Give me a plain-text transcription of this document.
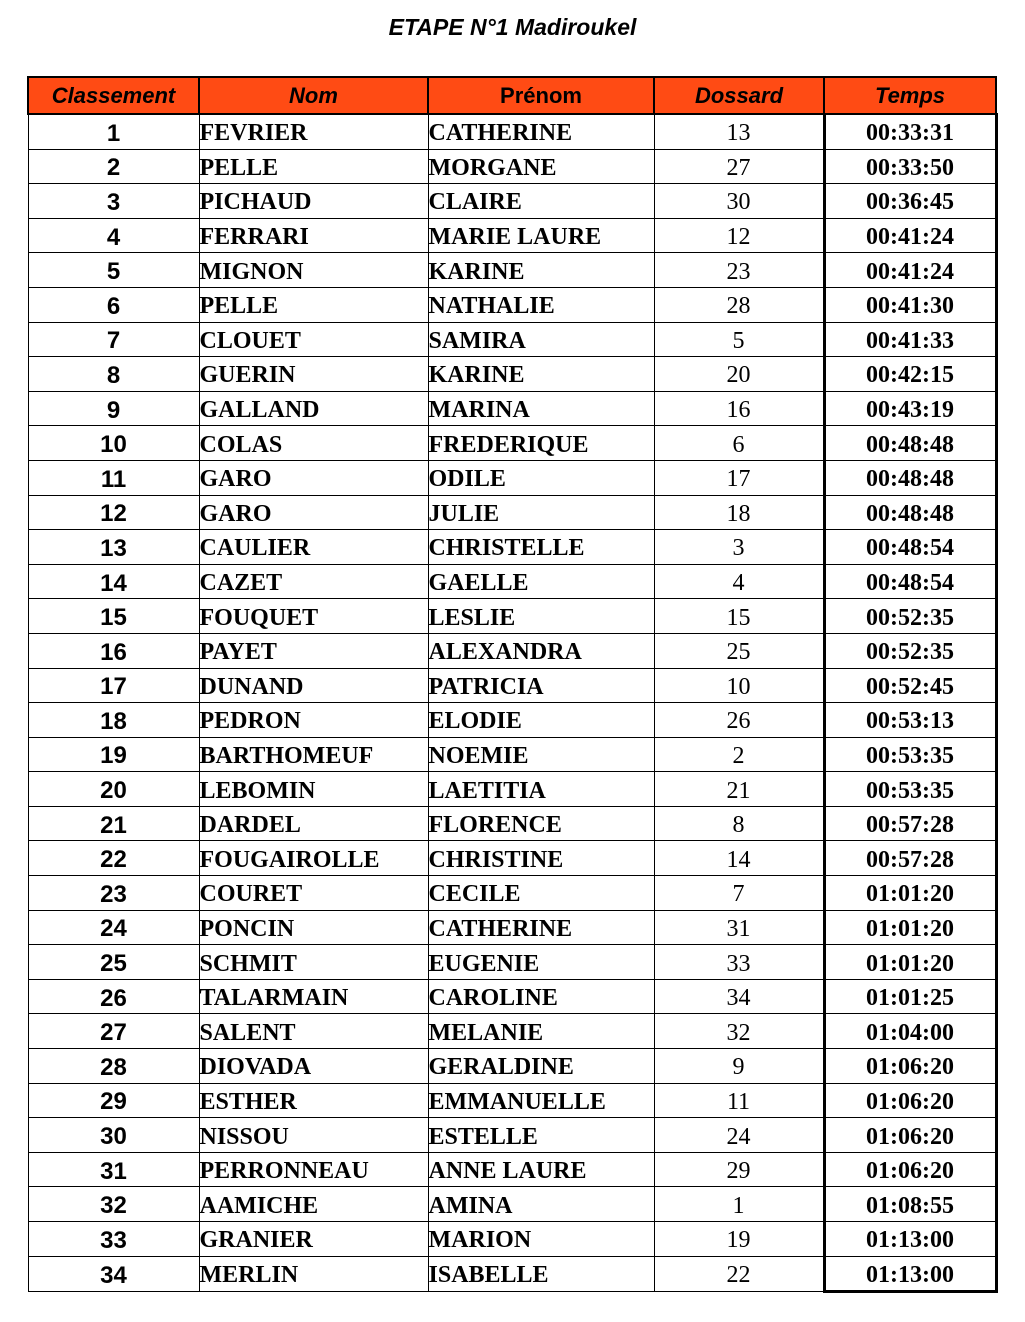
ETAPE N°1 Madiroukel
Classement	Nom	Prénom	Dossard	Temps
1	FEVRIER	CATHERINE	13	00:33:31
2	PELLE	MORGANE	27	00:33:50
3	PICHAUD	CLAIRE	30	00:36:45
4	FERRARI	MARIE LAURE	12	00:41:24
5	MIGNON	KARINE	23	00:41:24
6	PELLE	NATHALIE	28	00:41:30
7	CLOUET	SAMIRA	5	00:41:33
8	GUERIN	KARINE	20	00:42:15
9	GALLAND	MARINA	16	00:43:19
10	COLAS	FREDERIQUE	6	00:48:48
11	GARO	ODILE	17	00:48:48
12	GARO	JULIE	18	00:48:48
13	CAULIER	CHRISTELLE	3	00:48:54
14	CAZET	GAELLE	4	00:48:54
15	FOUQUET	LESLIE	15	00:52:35
16	PAYET	ALEXANDRA	25	00:52:35
17	DUNAND	PATRICIA	10	00:52:45
18	PEDRON	ELODIE	26	00:53:13
19	BARTHOMEUF	NOEMIE	2	00:53:35
20	LEBOMIN	LAETITIA	21	00:53:35
21	DARDEL	FLORENCE	8	00:57:28
22	FOUGAIROLLE	CHRISTINE	14	00:57:28
23	COURET	CECILE	7	01:01:20
24	PONCIN	CATHERINE	31	01:01:20
25	SCHMIT	EUGENIE	33	01:01:20
26	TALARMAIN	CAROLINE	34	01:01:25
27	SALENT	MELANIE	32	01:04:00
28	DIOVADA	GERALDINE	9	01:06:20
29	ESTHER	EMMANUELLE	11	01:06:20
30	NISSOU	ESTELLE	24	01:06:20
31	PERRONNEAU	ANNE LAURE	29	01:06:20
32	AAMICHE	AMINA	1	01:08:55
33	GRANIER	MARION	19	01:13:00
34	MERLIN	ISABELLE	22	01:13:00
